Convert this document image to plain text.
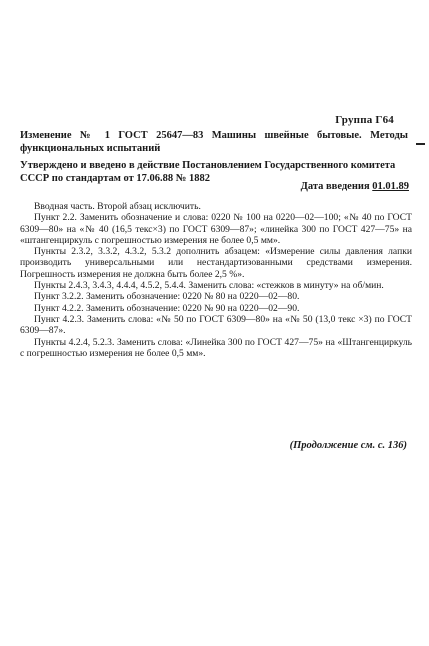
Группа Г64
Изменение № 1 ГОСТ 25647—83 Машины швейные бытовые. Методы функциональных испытаний
Утверждено и введено в действие Постановлением Государственного комитета СССР по стандартам от 17.06.88 № 1882
Дата введения 01.01.89

Вводная часть. Второй абзац исключить.

Пункт 2.2. Заменить обозначение и слова: 0220 № 100 на 0220—02—100; «№ 40 по ГОСТ 6309—80» на «№ 40 (16,5 текс×3) по ГОСТ 6309—87»; «линейка 300 по ГОСТ 427—75» на «штангенциркуль с погрешностью измерения не более 0,5 мм».

Пункты 2.3.2, 3.3.2, 4.3.2, 5.3.2 дополнить абзацем: «Измерение силы давления лапки производить универсальными или нестандартизованными средствами измерения. Погрешность измерения не должна быть более 2,5 %».

Пункты 2.4.3, 3.4.3, 4.4.4, 4.5.2, 5.4.4. Заменить слова: «стежков в минуту» на об/мин.

Пункт 3.2.2. Заменить обозначение: 0220 № 80 на 0220—02—80.

Пункт 4.2.2. Заменить обозначение: 0220 № 90 на 0220—02—90.

Пункт 4.2.3. Заменить слова: «№ 50 по ГОСТ 6309—80» на «№ 50 (13,0 текс ×3) по ГОСТ 6309—87».

Пункты 4.2.4, 5.2.3. Заменить слова: «Линейка 300 по ГОСТ 427—75» на «Штангенциркуль с погрешностью измерения не более 0,5 мм».

(Продолжение см. с. 136)
